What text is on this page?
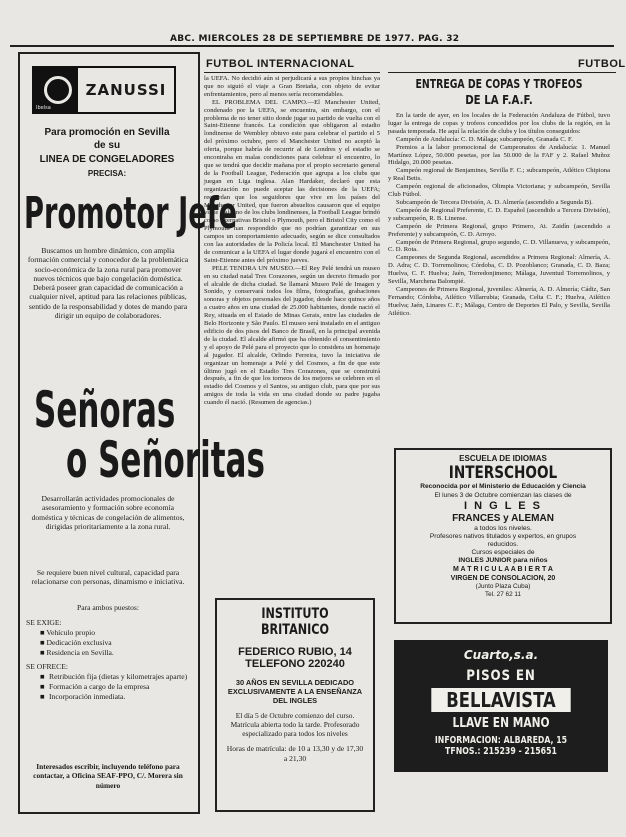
ABC. MIERCOLES 28 DE SEPTIEMBRE DE 1977. PAG. 32
Ibelsa
ZANUSSI
Para promoción en Sevilla
de su
LINEA DE CONGELADORES
PRECISA:
Promotor Jefe
Buscamos un hombre dinámico, con amplia formación comercial y conocedor de la problemática socio-económica de la zona rural para promover nuevos técnicos que bajo congelación doméstica. Deberá poseer gran capacidad de comunicación a cualquier nivel, aptitud para las relaciones públicas, sentido de la responsabilidad y dotes de mando para dirigir un equipo de colaboradores.
Señoras
o Señoritas
Desarrollarán actividades promocionales de asesoramiento y formación sobre economía doméstica y técnicas de congelación de alimentos, dirigidas prioritariamente a la zona rural.
Se requiere buen nivel cultural, capacidad para relacionarse con personas, dinamismo e iniciativa.
Para ambos puestos:
SE EXIGE:
■ Vehículo propio
■ Dedicación exclusiva
■ Residencia en Sevilla.
SE OFRECE:
■ Retribución fija (dietas y kilometrajes aparte)
■ Formación a cargo de la empresa
■ Incorporación inmediata.
Interesados escribir, incluyendo teléfono para contactar, a Oficina SEAF-PPO, C/. Morera sin número
FUTBOL INTERNACIONAL

la UEFA. No decidió aún si perjudicará a sus propios hinchas ya que no siguió el viaje a Gran Bretaña, con objeto de evitar enfrentamientos, pero al menos sería recomendables.

EL PROBLEMA DEL CAMPO.—El Manchester United, condenado por la UEFA, se encuentra, sin embargo, con el problema de no tener sitio donde jugar su partido de vuelta con el Saint-Etienne francés. La condición que obligaron al estadio londinense de Wembley obtuvo este para celebrar el partido el 5 del próximo octubre, pero el Manchester United no aceptó la oferta, porque habría de recurrir al de Londres y el estadio se encontraba en malas condiciones para celebrar el encuentro, lo que se tendrá que decidir mañana por el propio secretario general de la Football League, Federación que agrupa a los clubs que juegan en Liga inglesa. Alan Hardaker, declaró que esta organización no puede aceptar las decisiones de la UEFA; recuerdan que los seguidores que vive en los países del Manchester United, que fueron absueltos causaron que el equipo visite a alguno de los clubs londinenses, la Football League brindó como alternativas Bristol o Plymouth, pero el Bristol City como el Plymouth han respondido que no podrían garantizar en sus campos un comportamiento adecuado, según se dice consultados con las autoridades de la Policía local. El Manchester United ha de comunicar a la UEFA el lugar donde jugará el encuentro con el Saint-Etienne antes del próximo jueves.

PELE TENDRA UN MUSEO.—El Rey Pelé tendrá un museo en su ciudad natal Tres Corazones, según un decreto firmado por el alcalde de dicha ciudad. Se llamará Museo Pelé de Imagen y Sonido, y conservará todos los films, fotografías, grabaciones sonoras y objetos personales del jugador, desde hace quince años a cuatro años en una ciudad de 25.000 habitantes, donde nació el Rey, situada en el Estado de Minas Gerais, entre las ciudades de Belo Horizonte y São Paulo. El museo será instalado en el antiguo edificio de dos pisos del Banco de Brasil, en la principal avenida de la ciudad. El alcalde afirmó que ha obtenido el consentimiento y el apoyo de Pelé para el proyecto que lo considera un homenaje al jugador. El alcalde, Orlindo Ferreira, tuvo la iniciativa de organizar un homenaje a Pelé y del Cosmos, a fin de que este último jugó en el Estadio Tres Corazones, que se construirá después, a fin de que los torneos de los mejores se celebren en el estadio del Cosmos y el Santos, su antiguo club, para que por sus amigos de toda la vida en una ciudad donde su padre jugaba cuando él nació. (Resumen de agencias.)

INSTITUTO BRITANICO
FEDERICO RUBIO, 14
TELEFONO 220240
30 AÑOS EN SEVILLA DEDICADO EXCLUSIVAMENTE A LA ENSEÑANZA DEL INGLES
El día 5 de Octubre comienzo del curso. Matrícula abierta todo la tarde. Profesorado especializado para todos los niveles
Horas de matrícula: de 10 a 13,30 y de 17,30 a 21,30
FUTBOL
ENTREGA DE COPAS Y TROFEOS
DE LA F.A.F.

En la tarde de ayer, en los locales de la Federación Andaluza de Fútbol, tuvo lugar la entrega de copas y trofeos concedidos por los clubs de la región, en la pasada temporada. He aquí la relación de clubs y los títulos conseguidos:

Campeón de Andalucía: C. D. Málaga; subcampeón, Granada C. F.

Premios a la labor promocional de Campeonatos de Andalucía: 1. Manuel Martínez López, 50.000 pesetas, por las 50.000 de la FAF y 2. Rafael Muñoz Hidalgo, 20.000 pesetas.

Campeón regional de Benjamines, Sevilla F. C.; subcampeón, Atlético Chipiona y Real Betis.

Campeón regional de aficionados, Olimpia Victoriana; y subcampeón, Sevilla Club Fútbol.

Subcampeón de Tercera División, A. D. Almería (ascendido a Segunda B).

Campeón de Regional Preferente, C. D. Español (ascendido a Tercera División), y subcampeón, R. B. Linense.

Campeón de Primera Regional, grupo Primero, At. Zaidín (ascendido a Preferente) y subcampeón, C. D. Arroyo.

Campeón de Primera Regional, grupo segundo, C. D. Villanueva, y subcampeón, C. D. Rota.

Campeones de Segunda Regional, ascendidos a Primera Regional: Almería, A. D. Adra; C. D. Torremolinos; Córdoba, C. D. Pozoblanco; Granada, C. D. Baza; Huelva, C. F. Huelva; Jaén, Torredonjimeno; Málaga, Juventud Torremolinos, y Sevilla, Marchena Balompié.

Campeones de Primera Regional, juveniles: Almería, A. D. Almería; Cádiz, San Fernando; Córdoba, Atlético Villarrubia; Granada, Celta C. F.; Huelva, Atlético Huelva; Jaén, Linares C. F.; Málaga, Centro de Deportes El Palo, y Sevilla, Sevilla Atlético.

ESCUELA DE IDIOMAS
INTERSCHOOL
Reconocida por el Ministerio de Educación y Ciencia
El lunes 3 de Octubre comienzan las clases de
I N G L E S
FRANCES y ALEMAN
a todos los niveles.
Profesores nativos titulados y expertos, en grupos reducidos.
Cursos especiales de
INGLES JUNIOR para niños
M A T R I C U L A A B I E R T A
VIRGEN DE CONSOLACION, 20
(Junto Plaza Cuba)
Tel. 27 62 11
Cuarto,s.a.
PISOS EN
BELLAVISTA
LLAVE EN MANO
INFORMACION: ALBAREDA, 15
TFNOS.: 215239 - 215651
